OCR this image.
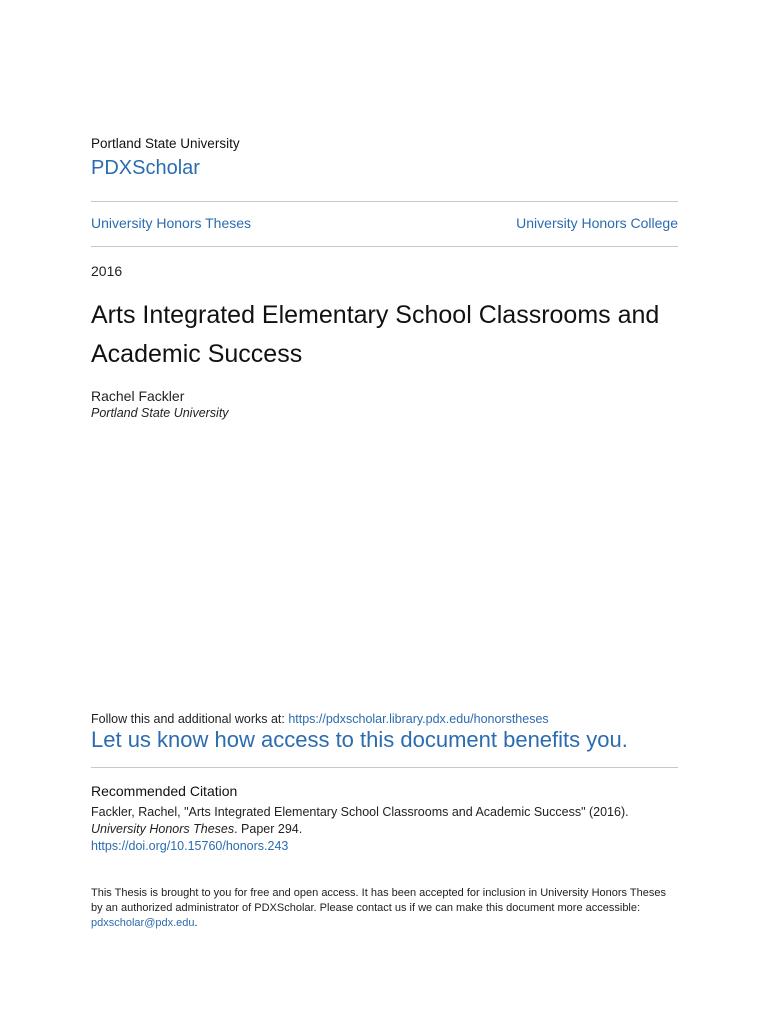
Portland State University
PDXScholar
University Honors Theses	University Honors College
2016
Arts Integrated Elementary School Classrooms and Academic Success
Rachel Fackler
Portland State University
Follow this and additional works at: https://pdxscholar.library.pdx.edu/honorstheses
Let us know how access to this document benefits you.
Recommended Citation
Fackler, Rachel, "Arts Integrated Elementary School Classrooms and Academic Success" (2016).
University Honors Theses. Paper 294.
https://doi.org/10.15760/honors.243
This Thesis is brought to you for free and open access. It has been accepted for inclusion in University Honors Theses by an authorized administrator of PDXScholar. Please contact us if we can make this document more accessible: pdxscholar@pdx.edu.
